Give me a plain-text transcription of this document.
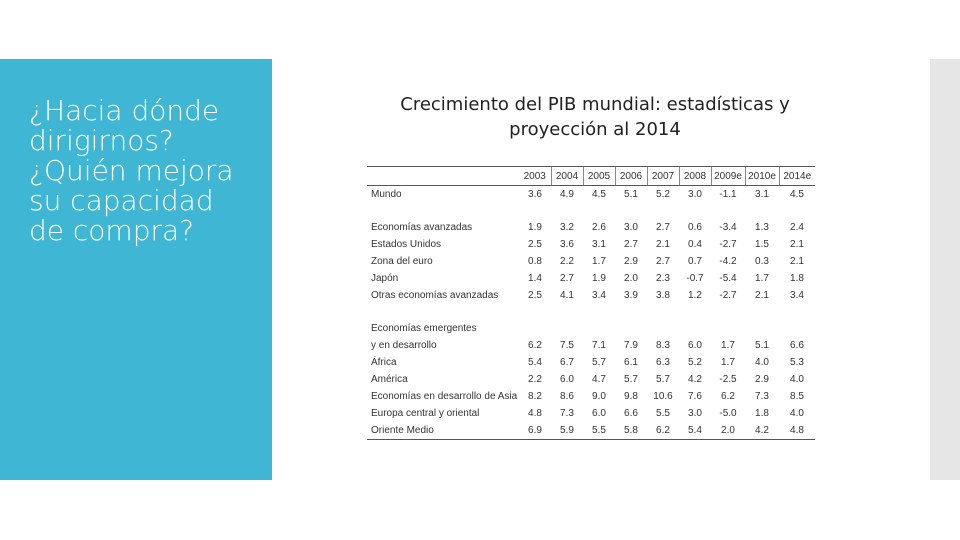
¿Hacia dónde
dirigirnos?
¿Quién mejora
su capacidad
de compra?
Crecimiento del PIB mundial: estadísticas y
proyección al 2014
	2003	2004	2005	2006	2007	2008	2009e	2010e	2014e
Mundo	3.6	4.9	4.5	5.1	5.2	3.0	-1.1	3.1	4.5

Economías avanzadas	1.9	3.2	2.6	3.0	2.7	0.6	-3.4	1.3	2.4
Estados Unidos	2.5	3.6	3.1	2.7	2.1	0.4	-2.7	1.5	2.1
Zona del euro	0.8	2.2	1.7	2.9	2.7	0.7	-4.2	0.3	2.1
Japón	1.4	2.7	1.9	2.0	2.3	-0.7	-5.4	1.7	1.8
Otras economías avanzadas	2.5	4.1	3.4	3.9	3.8	1.2	-2.7	2.1	3.4

Economías emergentes									
y en desarrollo	6.2	7.5	7.1	7.9	8.3	6.0	1.7	5.1	6.6
África	5.4	6.7	5.7	6.1	6.3	5.2	1.7	4.0	5.3
América	2.2	6.0	4.7	5.7	5.7	4.2	-2.5	2.9	4.0
Economías en desarrollo de Asia	8.2	8.6	9.0	9.8	10.6	7.6	6.2	7.3	8.5
Europa central y oriental	4.8	7.3	6.0	6.6	5.5	3.0	-5.0	1.8	4.0
Oriente Medio	6.9	5.9	5.5	5.8	6.2	5.4	2.0	4.2	4.8
